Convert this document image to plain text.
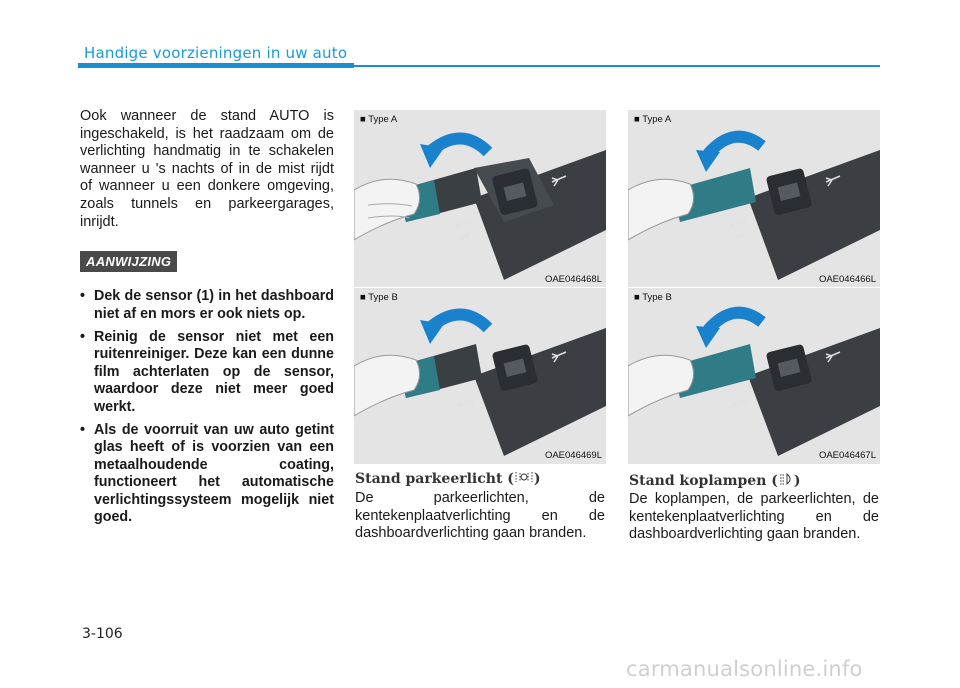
Handige voorzieningen in uw auto

Ook wanneer de stand AUTO is ingeschakeld, is het raadzaam om de verlichting handmatig in te schakelen wanneer u 's nachts of in de mist rijdt of wanneer u een donkere omgeving, zoals tunnels en parkeergarages, inrijdt.

AANWIJZING
• Dek de sensor (1) in het dashboard niet af en mors er ook niets op.
• Reinig de sensor niet met een ruitenreiniger. Deze kan een dunne film achterlaten op de sensor, waardoor deze niet meer goed werkt.
• Als de voorruit van uw auto getint glas heeft of is voorzien van een metaalhoudende coating, functioneert het automatische verlichtingssysteem mogelijk niet goed.
AUTO
OFF
■ Type A
OAE046468L
AUTO
■ Type B
OAE046469L
AUTO
OFF
■ Type A
OAE046466L
AUTO
■ Type B
OAE046467L
Stand parkeerlicht ( )

De parkeerlichten, de kentekenplaatverlichting en de dashboardverlichting gaan branden.

Stand koplampen ( )

De koplampen, de parkeerlichten, de kentekenplaatverlichting en de dashboardverlichting gaan branden.

3-106
carmanualsonline.info
